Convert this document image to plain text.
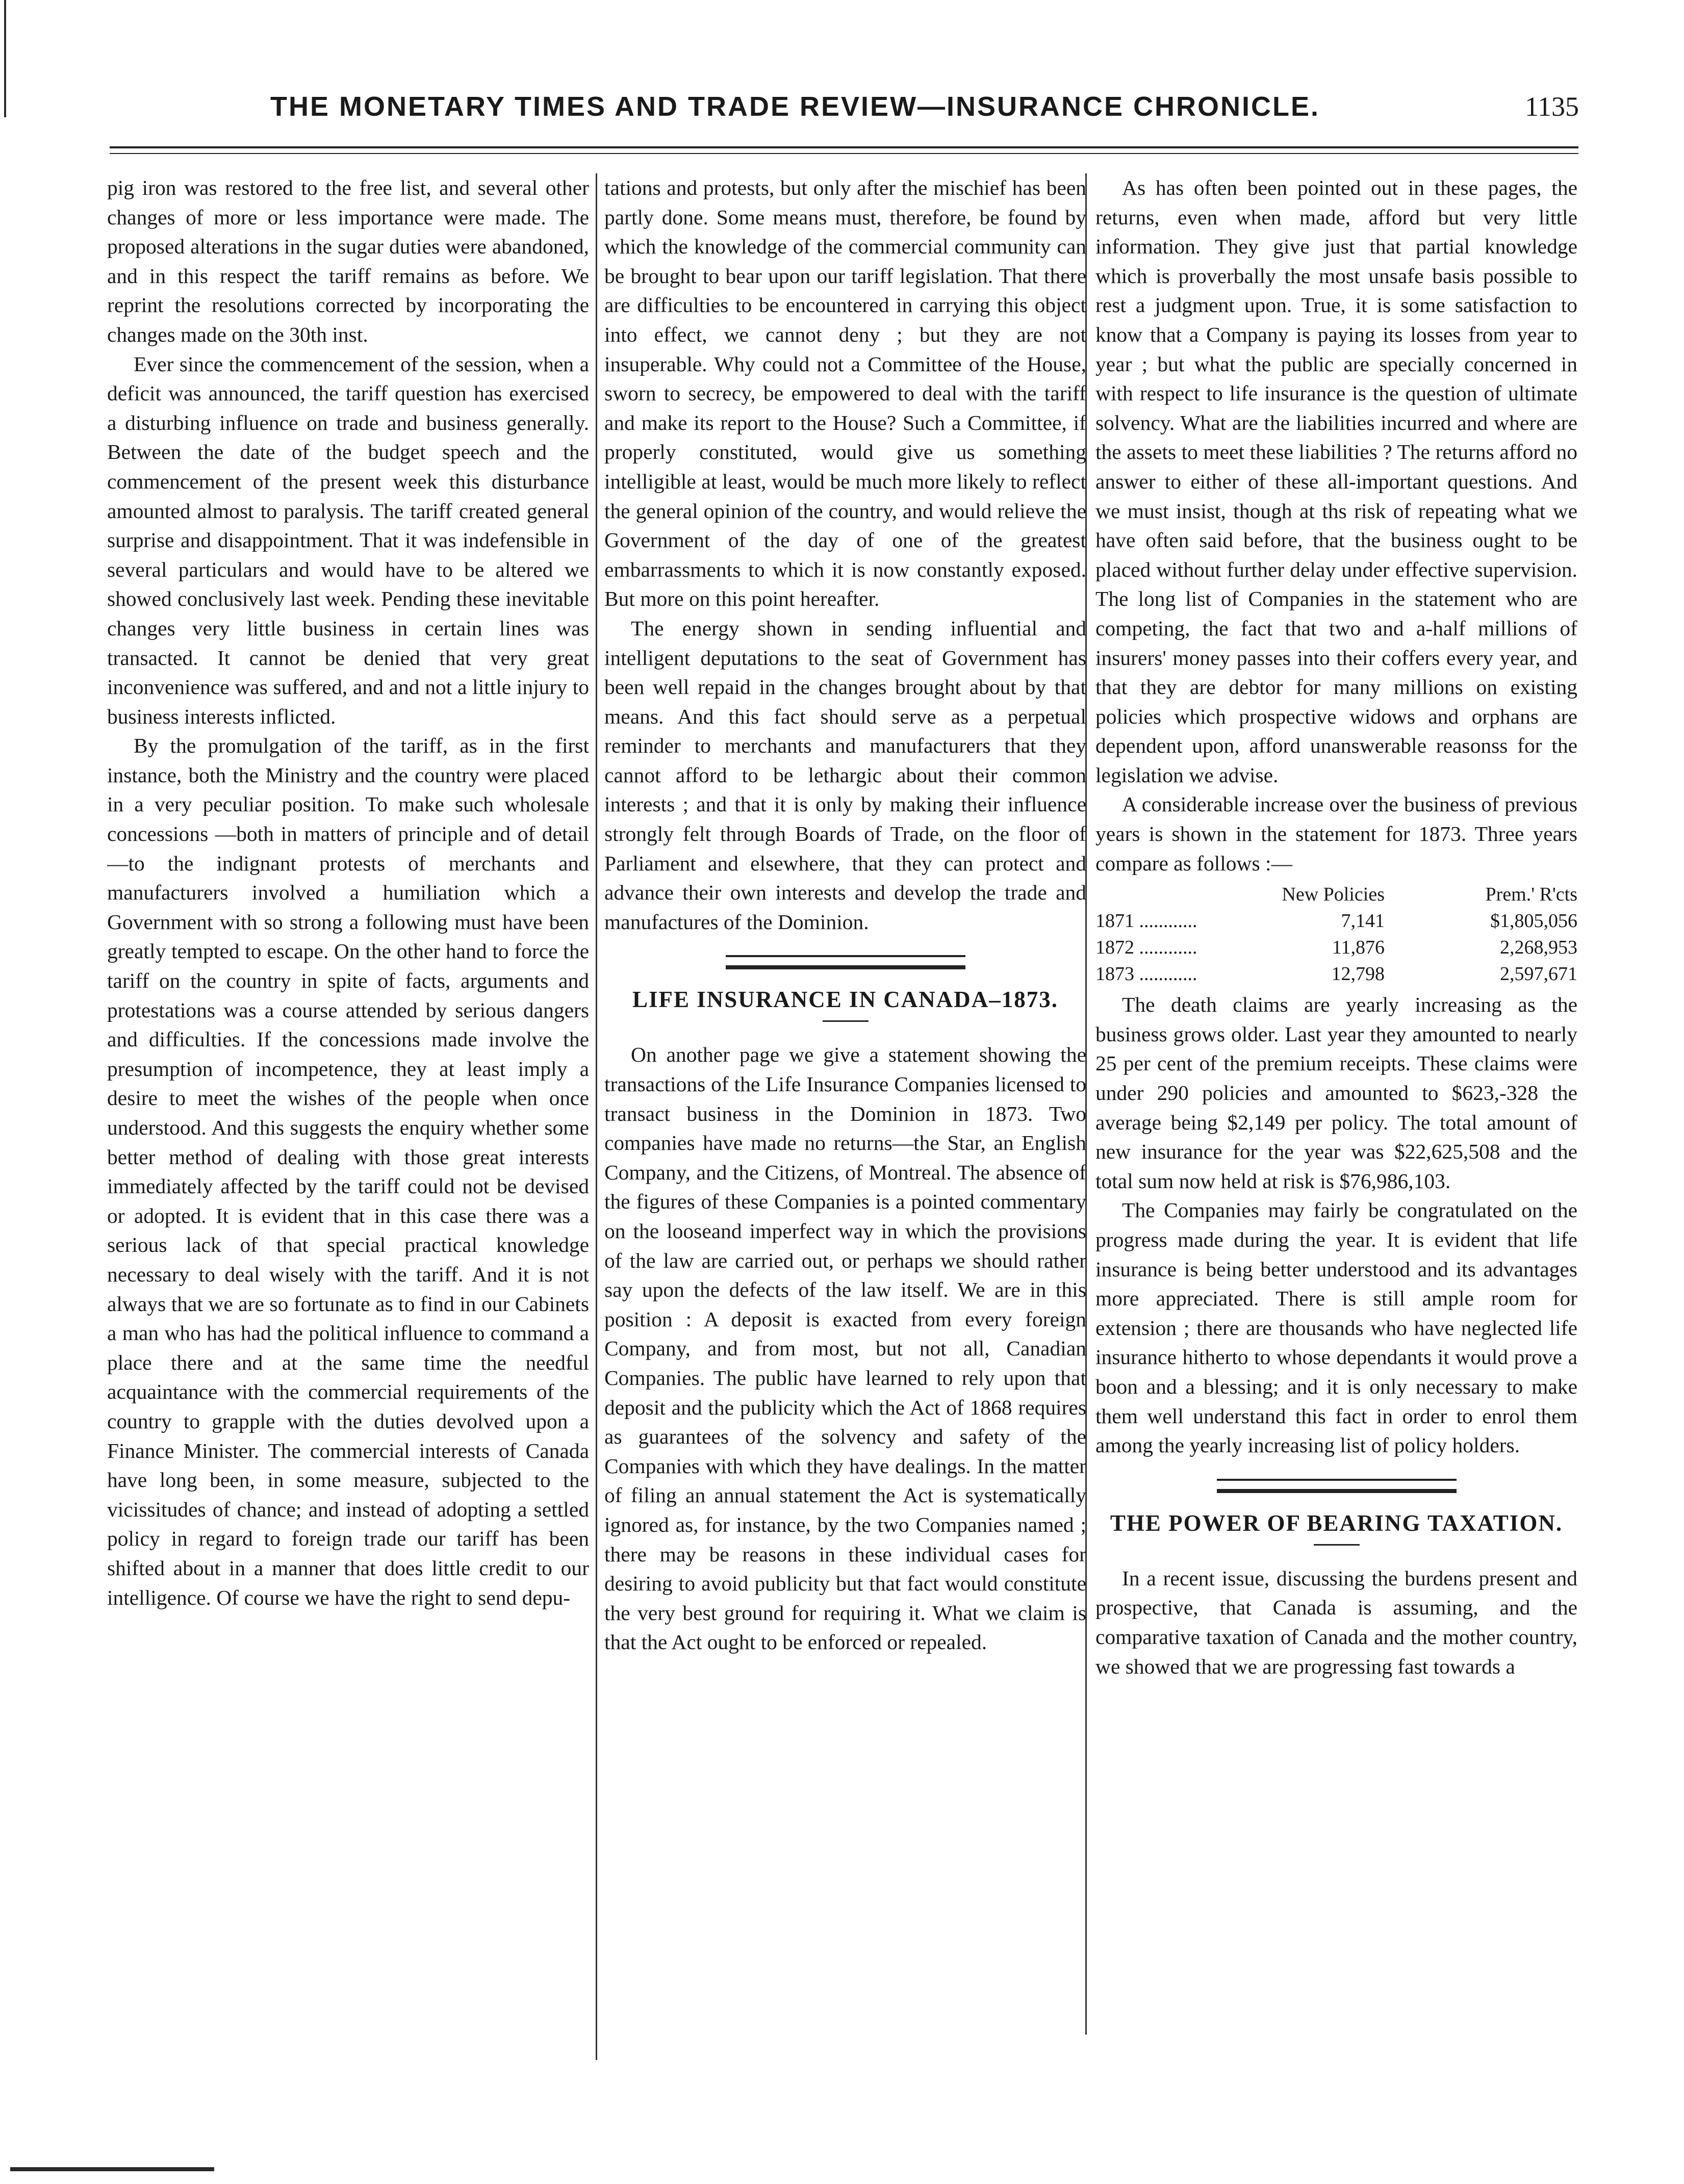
THE MONETARY TIMES AND TRADE REVIEW—INSURANCE CHRONICLE.	1135

pig iron was restored to the free list, and several other changes of more or less importance were made. The proposed alterations in the sugar duties were abandoned, and in this respect the tariff remains as before. We reprint the resolutions corrected by incorporating the changes made on the 30th inst.

Ever since the commencement of the session, when a deficit was announced, the tariff question has exercised a disturbing influence on trade and business generally. Between the date of the budget speech and the commencement of the present week this disturbance amounted almost to paralysis. The tariff created general surprise and disappointment. That it was indefensible in several particulars and would have to be altered we showed conclusively last week. Pending these inevitable changes very little business in certain lines was transacted. It cannot be denied that very great inconvenience was suffered, and and not a little injury to business interests inflicted.

By the promulgation of the tariff, as in the first instance, both the Ministry and the country were placed in a very peculiar position. To make such wholesale concessions —both in matters of principle and of detail —to the indignant protests of merchants and manufacturers involved a humiliation which a Government with so strong a following must have been greatly tempted to escape. On the other hand to force the tariff on the country in spite of facts, arguments and protestations was a course attended by serious dangers and difficulties. If the concessions made involve the presumption of incompetence, they at least imply a desire to meet the wishes of the people when once understood. And this suggests the enquiry whether some better method of dealing with those great interests immediately affected by the tariff could not be devised or adopted. It is evident that in this case there was a serious lack of that special practical knowledge necessary to deal wisely with the tariff. And it is not always that we are so fortunate as to find in our Cabinets a man who has had the political influence to command a place there and at the same time the needful acquaintance with the commercial requirements of the country to grapple with the duties devolved upon a Finance Minister. The commercial interests of Canada have long been, in some measure, subjected to the vicissitudes of chance; and instead of adopting a settled policy in regard to foreign trade our tariff has been shifted about in a manner that does little credit to our intelligence. Of course we have the right to send depu-

tations and protests, but only after the mischief has been partly done. Some means must, therefore, be found by which the knowledge of the commercial community can be brought to bear upon our tariff legislation. That there are difficulties to be encountered in carrying this object into effect, we cannot deny ; but they are not insuperable. Why could not a Committee of the House, sworn to secrecy, be empowered to deal with the tariff and make its report to the House? Such a Committee, if properly constituted, would give us something intelligible at least, would be much more likely to reflect the general opinion of the country, and would relieve the Government of the day of one of the greatest embarrassments to which it is now constantly exposed. But more on this point hereafter.

The energy shown in sending influential and intelligent deputations to the seat of Government has been well repaid in the changes brought about by that means. And this fact should serve as a perpetual reminder to merchants and manufacturers that they cannot afford to be lethargic about their common interests ; and that it is only by making their influence strongly felt through Boards of Trade, on the floor of Parliament and elsewhere, that they can protect and advance their own interests and develop the trade and manufactures of the Dominion.

LIFE INSURANCE IN CANADA–1873.

On another page we give a statement showing the transactions of the Life Insurance Companies licensed to transact business in the Dominion in 1873. Two companies have made no returns—the Star, an English Company, and the Citizens, of Montreal. The absence of the figures of these Companies is a pointed commentary on the looseand imperfect way in which the provisions of the law are carried out, or perhaps we should rather say upon the defects of the law itself. We are in this position : A deposit is exacted from every foreign Company, and from most, but not all, Canadian Companies. The public have learned to rely upon that deposit and the publicity which the Act of 1868 requires as guarantees of the solvency and safety of the Companies with which they have dealings. In the matter of filing an annual statement the Act is systematically ignored as, for instance, by the two Companies named ; there may be reasons in these individual cases for desiring to avoid publicity but that fact would constitute the very best ground for requiring it. What we claim is that the Act ought to be enforced or repealed.

As has often been pointed out in these pages, the returns, even when made, afford but very little information. They give just that partial knowledge which is proverbally the most unsafe basis possible to rest a judgment upon. True, it is some satisfaction to know that a Company is paying its losses from year to year ; but what the public are specially concerned in with respect to life insurance is the question of ultimate solvency. What are the liabilities incurred and where are the assets to meet these liabilities ? The returns afford no answer to either of these all-important questions. And we must insist, though at ths risk of repeating what we have often said before, that the business ought to be placed without further delay under effective supervision. The long list of Companies in the statement who are competing, the fact that two and a-half millions of insurers' money passes into their coffers every year, and that they are debtor for many millions on existing policies which prospective widows and orphans are dependent upon, afford unanswerable reasonss for the legislation we advise.

A considerable increase over the business of previous years is shown in the statement for 1873. Three years compare as follows :—

	New Policies	Prem.' R'cts
1871 ............	7,141	$1,805,056
1872 ............	11,876	2,268,953
1873 ............	12,798	2,597,671

The death claims are yearly increasing as the business grows older. Last year they amounted to nearly 25 per cent of the premium receipts. These claims were under 290 policies and amounted to $623,-328 the average being $2,149 per policy. The total amount of new insurance for the year was $22,625,508 and the total sum now held at risk is $76,986,103.

The Companies may fairly be congratulated on the progress made during the year. It is evident that life insurance is being better understood and its advantages more appreciated. There is still ample room for extension ; there are thousands who have neglected life insurance hitherto to whose dependants it would prove a boon and a blessing; and it is only necessary to make them well understand this fact in order to enrol them among the yearly increasing list of policy holders.

THE POWER OF BEARING TAXATION.

In a recent issue, discussing the burdens present and prospective, that Canada is assuming, and the comparative taxation of Canada and the mother country, we showed that we are progressing fast towards a
